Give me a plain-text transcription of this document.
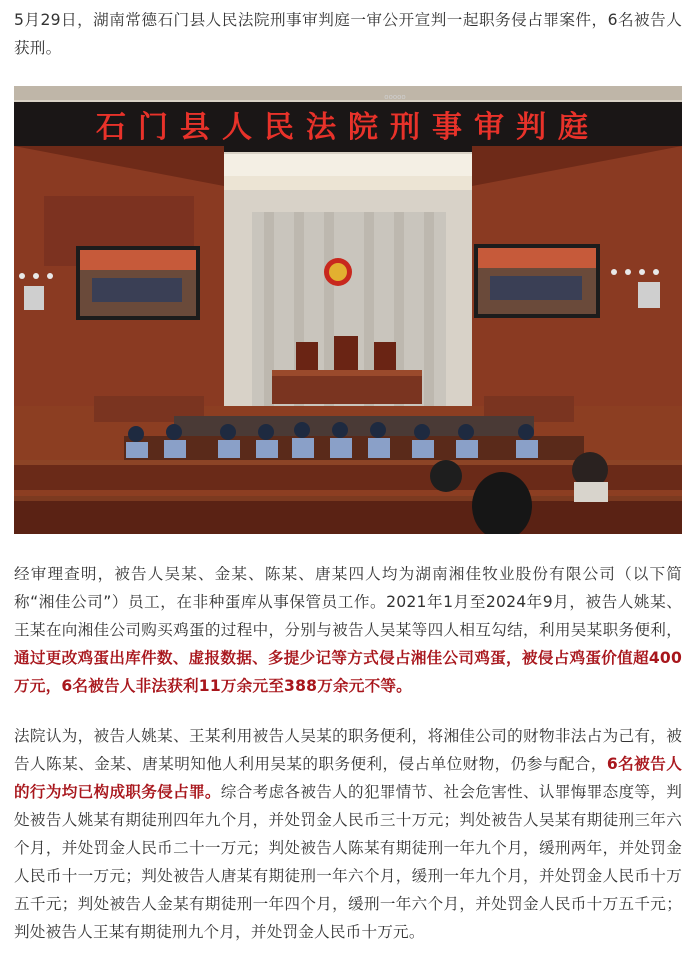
5月29日，湖南常德石门县人民法院刑事审判庭一审公开宣判一起职务侵占罪案件，6名被告人获刑。

ooooo
石门县人民法院刑事审判庭

经审理查明，被告人吴某、金某、陈某、唐某四人均为湖南湘佳牧业股份有限公司（以下简称“湘佳公司”）员工，在非种蛋库从事保管员工作。2021年1月至2024年9月，被告人姚某、王某在向湘佳公司购买鸡蛋的过程中，分别与被告人吴某等四人相互勾结，利用吴某职务便利，通过更改鸡蛋出库件数、虚报数据、多提少记等方式侵占湘佳公司鸡蛋，被侵占鸡蛋价值超400万元，6名被告人非法获利11万余元至388万余元不等。

法院认为，被告人姚某、王某利用被告人吴某的职务便利，将湘佳公司的财物非法占为己有，被告人陈某、金某、唐某明知他人利用吴某的职务便利，侵占单位财物，仍参与配合，6名被告人的行为均已构成职务侵占罪。综合考虑各被告人的犯罪情节、社会危害性、认罪悔罪态度等，判处被告人姚某有期徒刑四年九个月，并处罚金人民币三十万元；判处被告人吴某有期徒刑三年六个月，并处罚金人民币二十一万元；判处被告人陈某有期徒刑一年九个月，缓刑两年，并处罚金人民币十一万元；判处被告人唐某有期徒刑一年六个月，缓刑一年九个月，并处罚金人民币十万五千元；判处被告人金某有期徒刑一年四个月，缓刑一年六个月，并处罚金人民币十万五千元；判处被告人王某有期徒刑九个月，并处罚金人民币十万元。
